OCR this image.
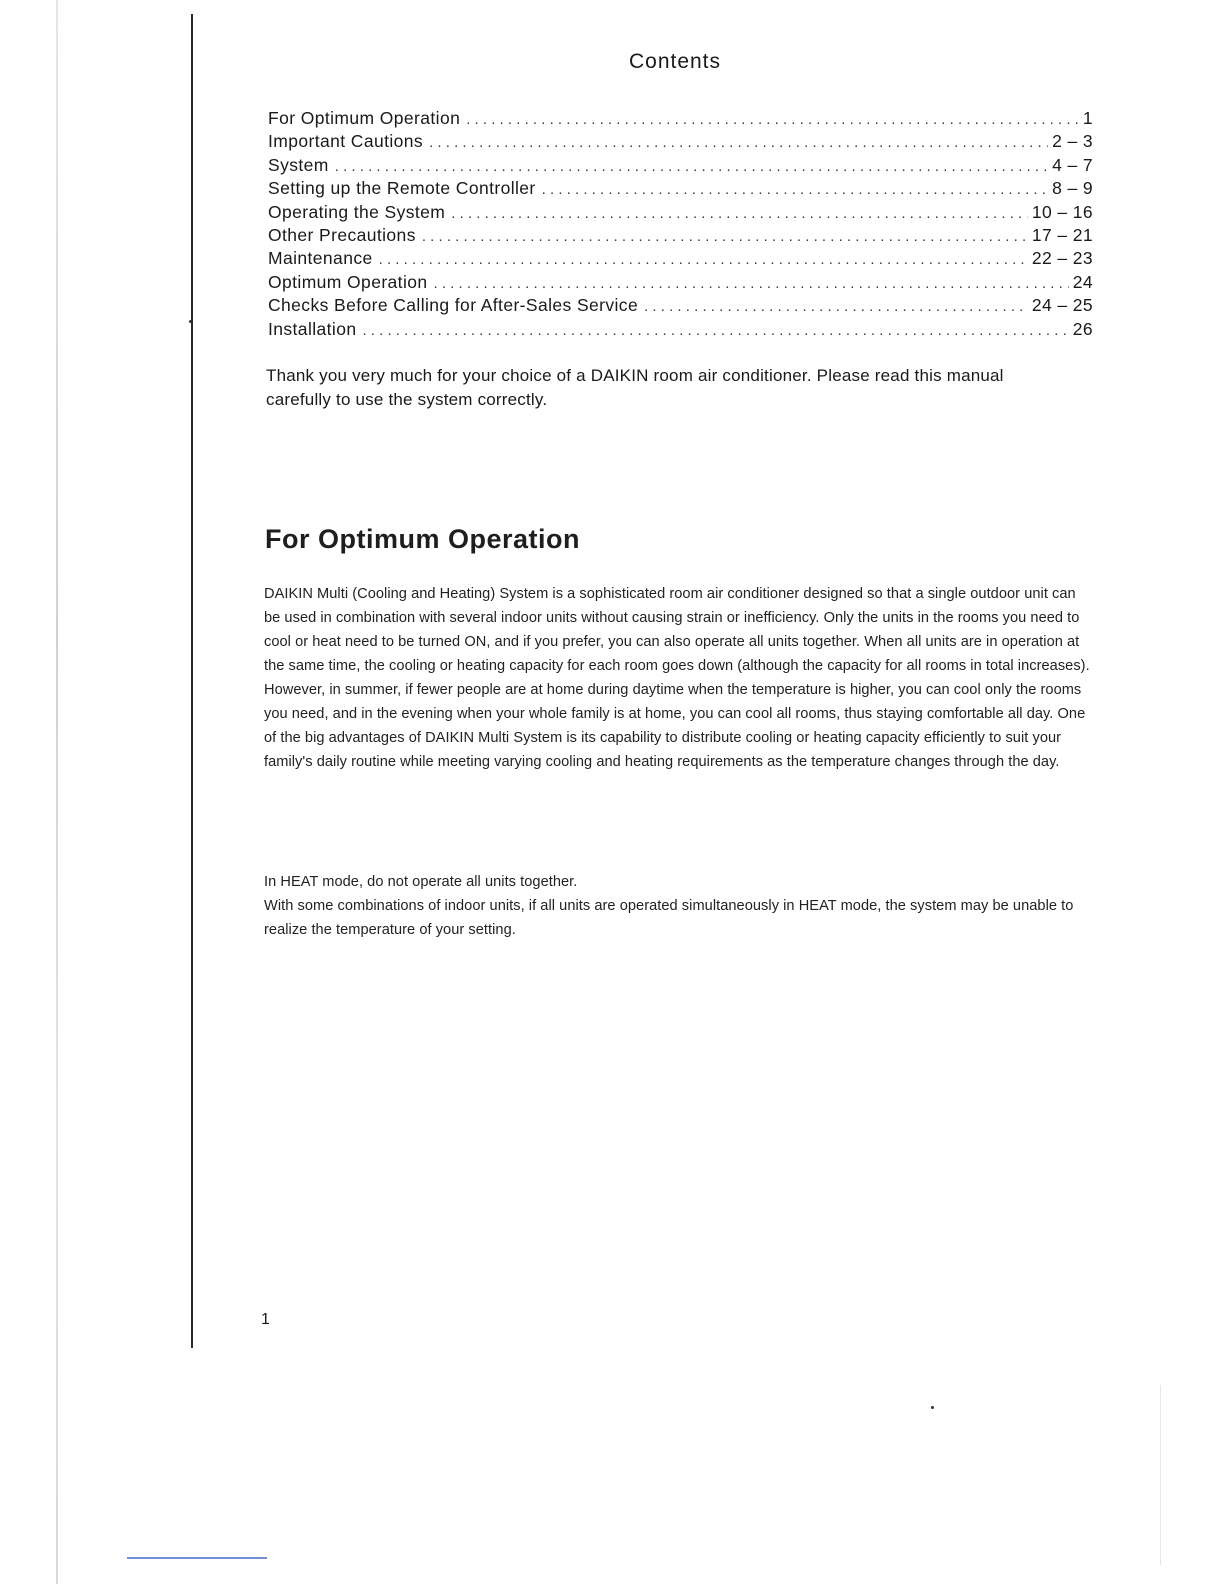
Contents
For Optimum Operation . . .	1
Important Cautions . . .	2 – 3
System . . .	4 – 7
Setting up the Remote Controller . . .	8 – 9
Operating the System . . .	10 – 16
Other Precautions . . .	17 – 21
Maintenance . . .	22 – 23
Optimum Operation . . .	24
Checks Before Calling for After-Sales Service . . .	24 – 25
Installation . . .	26

Thank you very much for your choice of a DAIKIN room air conditioner. Please read this manual carefully to use the system correctly.

For Optimum Operation

DAIKIN Multi (Cooling and Heating) System is a sophisticated room air conditioner designed so that a single outdoor unit can be used in combination with several indoor units without causing strain or inefficiency. Only the units in the rooms you need to cool or heat need to be turned ON, and if you prefer, you can also operate all units together. When all units are in operation at the same time, the cooling or heating capacity for each room goes down (although the capacity for all rooms in total increases). However, in summer, if fewer people are at home during daytime when the temperature is higher, you can cool only the rooms you need, and in the evening when your whole family is at home, you can cool all rooms, thus staying comfortable all day. One of the big advantages of DAIKIN Multi System is its capability to distribute cooling or heating capacity efficiently to suit your family's daily routine while meeting varying cooling and heating requirements as the temperature changes through the day.

In HEAT mode, do not operate all units together.
With some combinations of indoor units, if all units are operated simultaneously in HEAT mode, the system may be unable to realize the temperature of your setting.

1
